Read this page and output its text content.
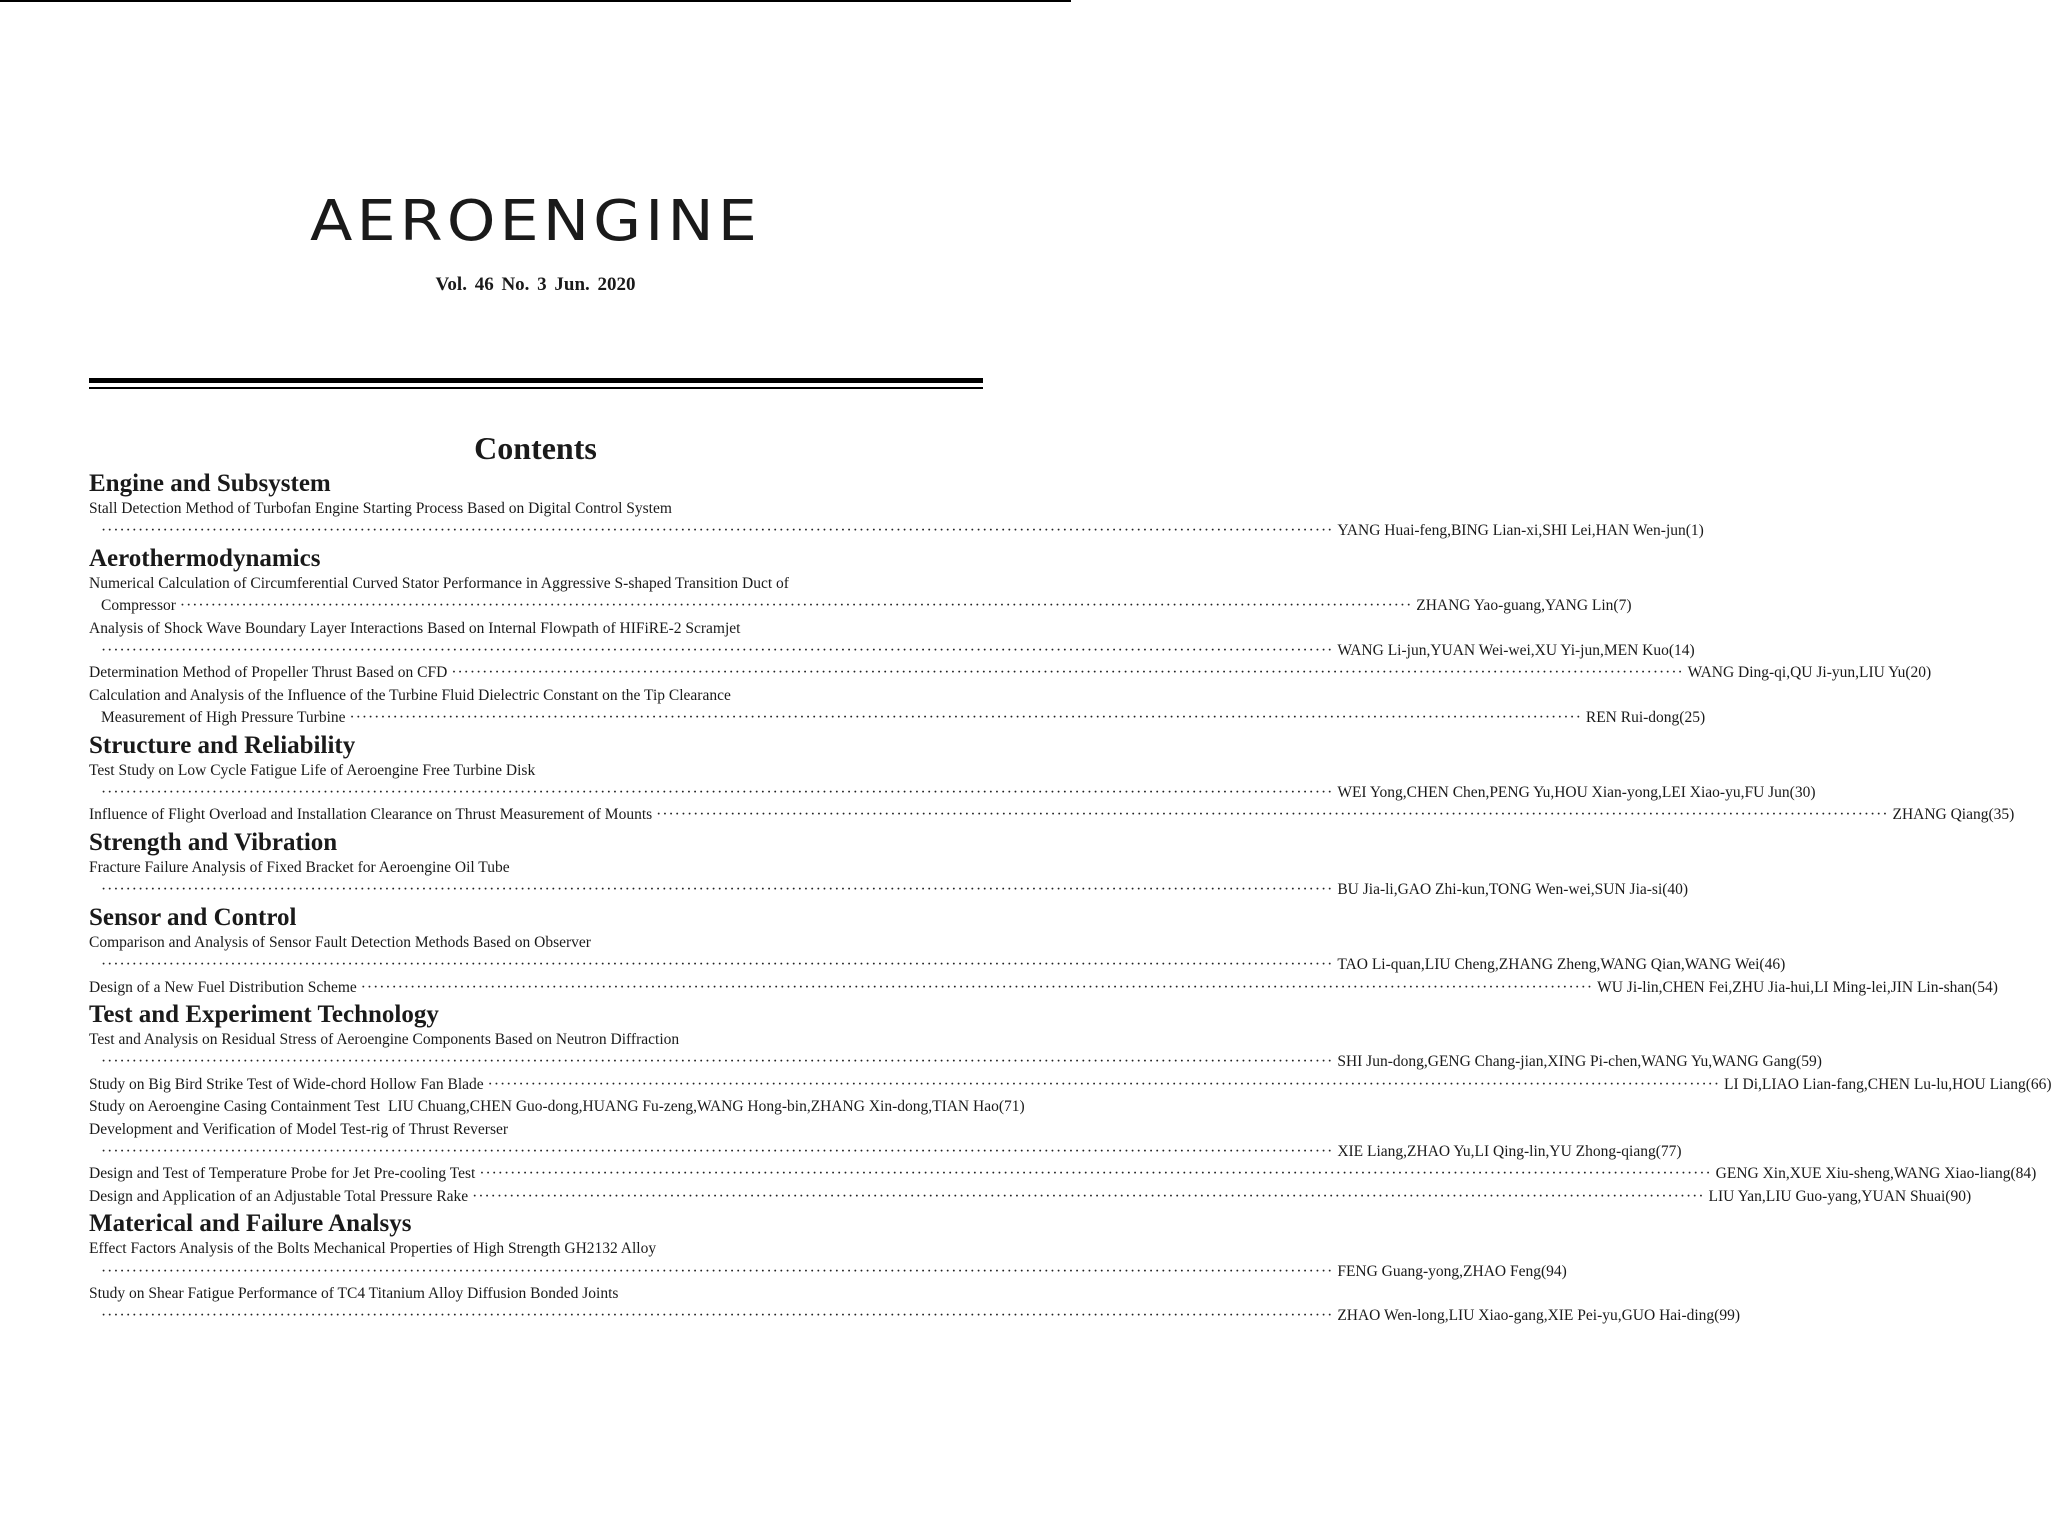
AEROENGINE
Vol. 46 No. 3 Jun. 2020
Contents
Engine and Subsystem
Stall Detection Method of Turbofan Engine Starting Process Based on Digital Control System
········································································································································································································ YANG Huai-feng,BING Lian-xi,SHI Lei,HAN Wen-jun(1)
Aerothermodynamics
Numerical Calculation of Circumferential Curved Stator Performance in Aggressive S-shaped Transition Duct of
Compressor ········································································································································································································ ZHANG Yao-guang,YANG Lin(7)
Analysis of Shock Wave Boundary Layer Interactions Based on Internal Flowpath of HIFiRE-2 Scramjet
········································································································································································································ WANG Li-jun,YUAN Wei-wei,XU Yi-jun,MEN Kuo(14)
Determination Method of Propeller Thrust Based on CFD ········································································································································································································ WANG Ding-qi,QU Ji-yun,LIU Yu(20)
Calculation and Analysis of the Influence of the Turbine Fluid Dielectric Constant on the Tip Clearance
Measurement of High Pressure Turbine ········································································································································································································ REN Rui-dong(25)
Structure and Reliability
Test Study on Low Cycle Fatigue Life of Aeroengine Free Turbine Disk
········································································································································································································ WEI Yong,CHEN Chen,PENG Yu,HOU Xian-yong,LEI Xiao-yu,FU Jun(30)
Influence of Flight Overload and Installation Clearance on Thrust Measurement of Mounts ········································································································································································································ ZHANG Qiang(35)
Strength and Vibration
Fracture Failure Analysis of Fixed Bracket for Aeroengine Oil Tube
········································································································································································································ BU Jia-li,GAO Zhi-kun,TONG Wen-wei,SUN Jia-si(40)
Sensor and Control
Comparison and Analysis of Sensor Fault Detection Methods Based on Observer
········································································································································································································ TAO Li-quan,LIU Cheng,ZHANG Zheng,WANG Qian,WANG Wei(46)
Design of a New Fuel Distribution Scheme ········································································································································································································ WU Ji-lin,CHEN Fei,ZHU Jia-hui,LI Ming-lei,JIN Lin-shan(54)
Test and Experiment Technology
Test and Analysis on Residual Stress of Aeroengine Components Based on Neutron Diffraction
········································································································································································································ SHI Jun-dong,GENG Chang-jian,XING Pi-chen,WANG Yu,WANG Gang(59)
Study on Big Bird Strike Test of Wide-chord Hollow Fan Blade ········································································································································································································ LI Di,LIAO Lian-fang,CHEN Lu-lu,HOU Liang(66)
Study on Aeroengine Casing Containment Test LIU Chuang,CHEN Guo-dong,HUANG Fu-zeng,WANG Hong-bin,ZHANG Xin-dong,TIAN Hao(71)
Development and Verification of Model Test-rig of Thrust Reverser
········································································································································································································ XIE Liang,ZHAO Yu,LI Qing-lin,YU Zhong-qiang(77)
Design and Test of Temperature Probe for Jet Pre-cooling Test ········································································································································································································ GENG Xin,XUE Xiu-sheng,WANG Xiao-liang(84)
Design and Application of an Adjustable Total Pressure Rake ········································································································································································································ LIU Yan,LIU Guo-yang,YUAN Shuai(90)
Materical and Failure Analsys
Effect Factors Analysis of the Bolts Mechanical Properties of High Strength GH2132 Alloy
········································································································································································································ FENG Guang-yong,ZHAO Feng(94)
Study on Shear Fatigue Performance of TC4 Titanium Alloy Diffusion Bonded Joints
········································································································································································································ ZHAO Wen-long,LIU Xiao-gang,XIE Pei-yu,GUO Hai-ding(99)
